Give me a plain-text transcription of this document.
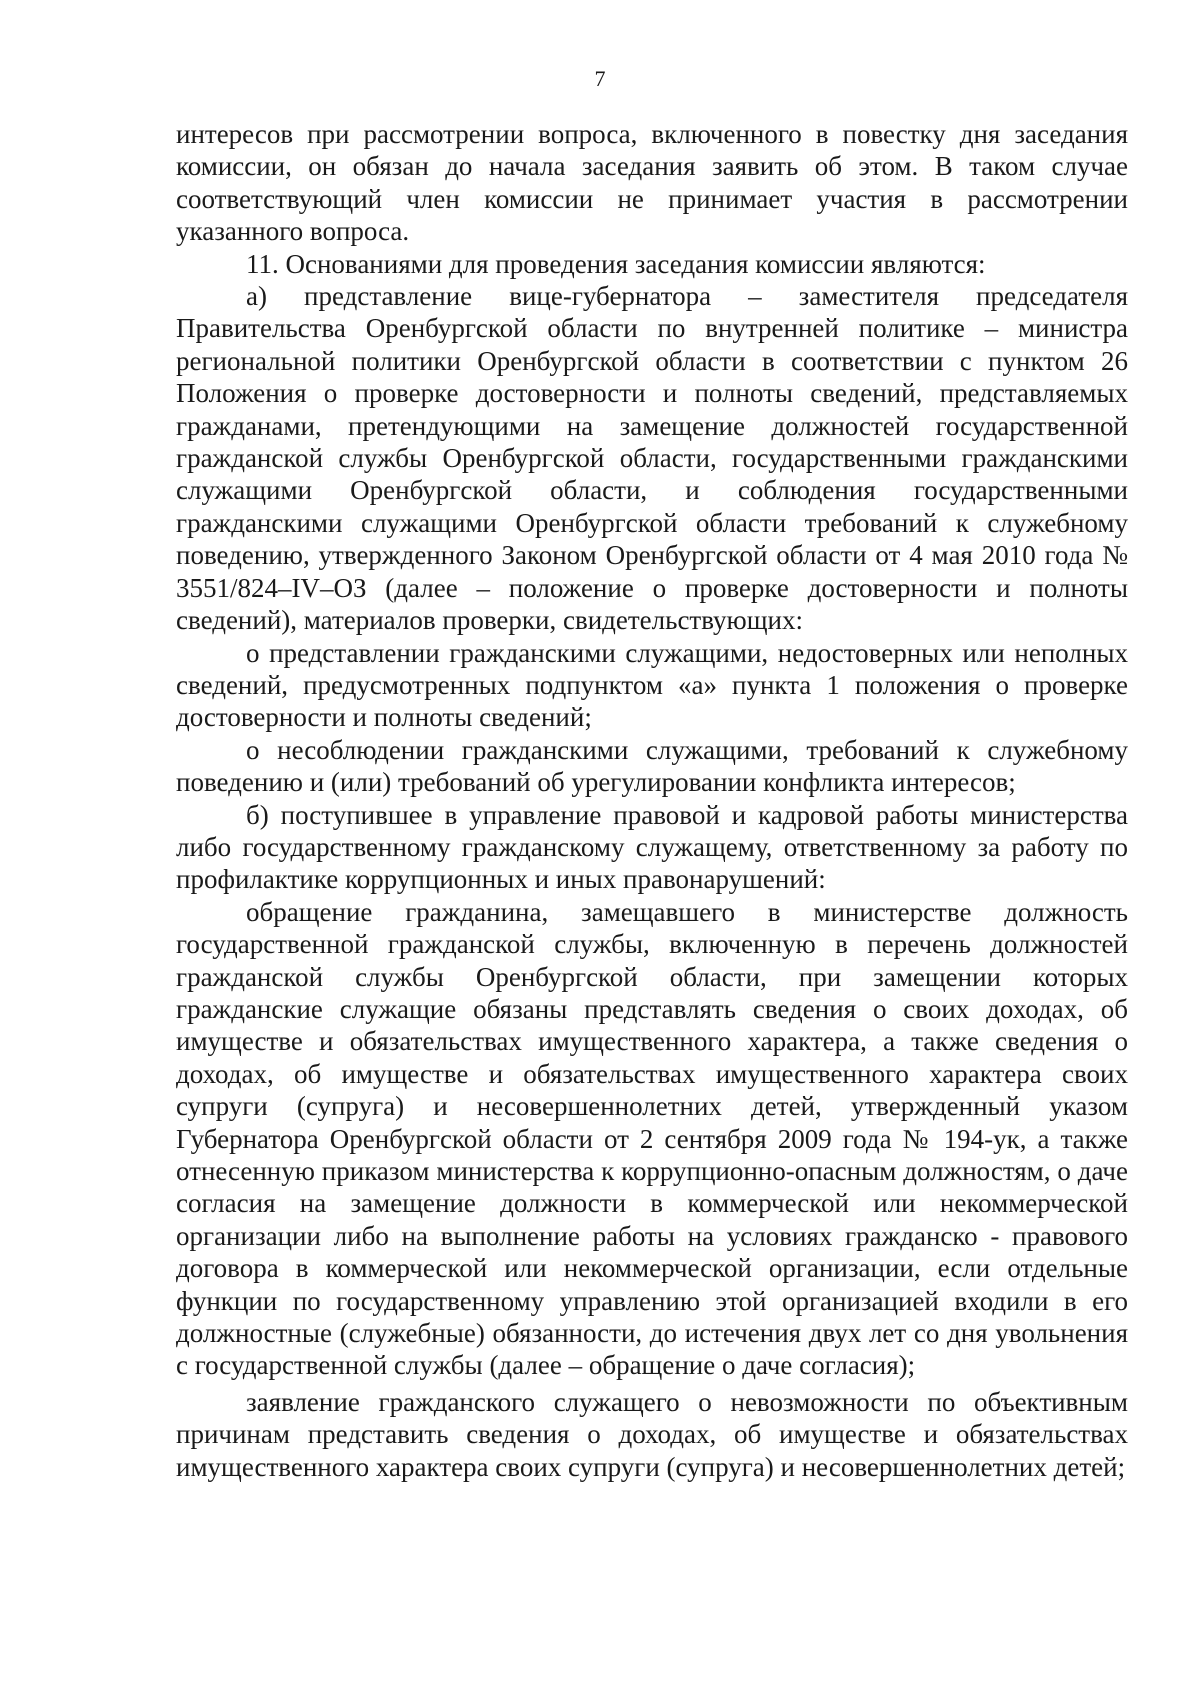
7

интересов при рассмотрении вопроса, включенного в повестку дня заседания комиссии, он обязан до начала заседания заявить об этом. В таком случае соответствующий член комиссии не принимает участия в рассмотрении указанного вопроса.

11. Основаниями для проведения заседания комиссии являются:

а) представление вице-губернатора – заместителя председателя Правительства Оренбургской области по внутренней политике – министра региональной политики Оренбургской области в соответствии с пунктом 26 Положения о проверке достоверности и полноты сведений, представляемых гражданами, претендующими на замещение должностей государственной гражданской службы Оренбургской области, государственными гражданскими служащими Оренбургской области, и соблюдения государственными гражданскими служащими Оренбургской области требований к служебному поведению, утвержденного Законом Оренбургской области от 4 мая 2010 года № 3551/824–IV–ОЗ (далее – положение о проверке достоверности и полноты сведений), материалов проверки, свидетельствующих:

о представлении гражданскими служащими, недостоверных или неполных сведений, предусмотренных подпунктом «а» пункта 1 положения о проверке достоверности и полноты сведений;

о несоблюдении гражданскими служащими, требований к служебному поведению и (или) требований об урегулировании конфликта интересов;

б) поступившее в управление правовой и кадровой работы министерства либо государственному гражданскому служащему, ответственному за работу по профилактике коррупционных и иных правонарушений:

обращение гражданина, замещавшего в министерстве должность государственной гражданской службы, включенную в перечень должностей гражданской службы Оренбургской области, при замещении которых гражданские служащие обязаны представлять сведения о своих доходах, об имуществе и обязательствах имущественного характера, а также сведения о доходах, об имуществе и обязательствах имущественного характера своих супруги (супруга) и несовершеннолетних детей, утвержденный указом Губернатора Оренбургской области от 2 сентября 2009 года № 194-ук, а также отнесенную приказом министерства к коррупционно-опасным должностям, о даче согласия на замещение должности в коммерческой или некоммерческой организации либо на выполнение работы на условиях гражданско - правового договора в коммерческой или некоммерческой организации, если отдельные функции по государственному управлению этой организацией входили в его должностные (служебные) обязанности, до истечения двух лет со дня увольнения с государственной службы (далее – обращение о даче согласия);

заявление гражданского служащего о невозможности по объективным причинам представить сведения о доходах, об имуществе и обязательствах имущественного характера своих супруги (супруга) и несовершеннолетних детей;
